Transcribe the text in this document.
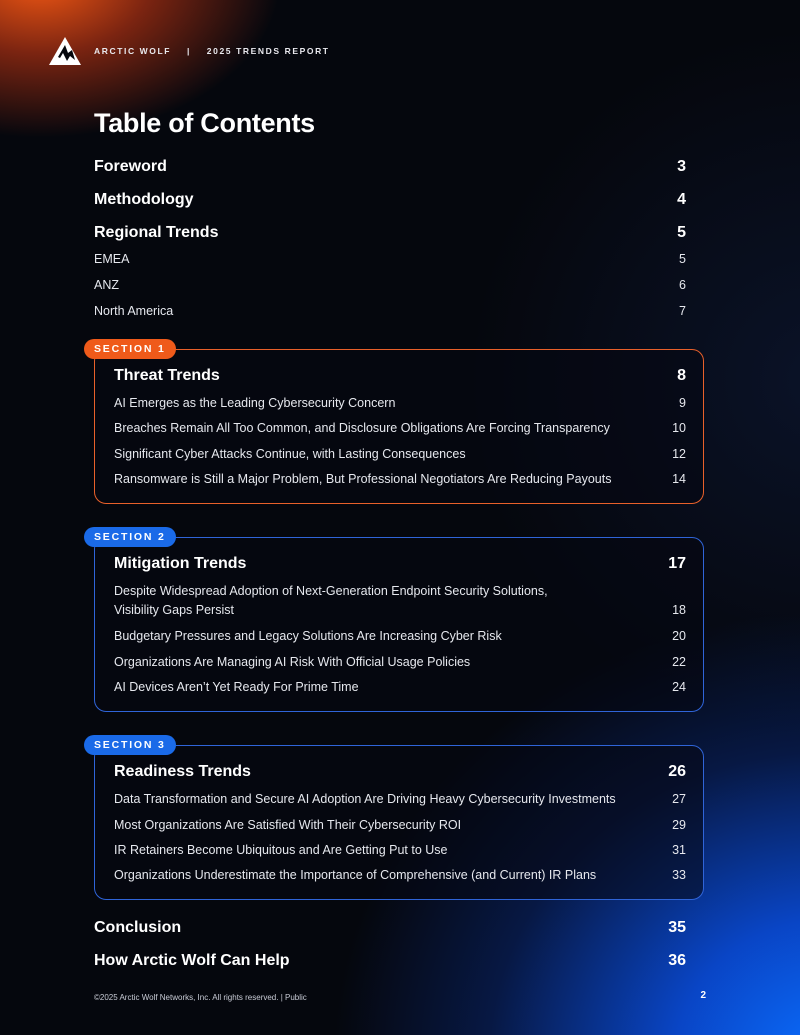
ARCTIC WOLF | 2025 TRENDS REPORT
Table of Contents
Foreword	3
Methodology	4
Regional Trends	5
EMEA	5
ANZ	6
North America	7
SECTION 1
Threat Trends	8
AI Emerges as the Leading Cybersecurity Concern	9
Breaches Remain All Too Common, and Disclosure Obligations Are Forcing Transparency	10
Significant Cyber Attacks Continue, with Lasting Consequences	12
Ransomware is Still a Major Problem, But Professional Negotiators Are Reducing Payouts	14
SECTION 2
Mitigation Trends	17
Despite Widespread Adoption of Next-Generation Endpoint Security Solutions,
Visibility Gaps Persist	18
Budgetary Pressures and Legacy Solutions Are Increasing Cyber Risk	20
Organizations Are Managing AI Risk With Official Usage Policies	22
AI Devices Aren’t Yet Ready For Prime Time	24
SECTION 3
Readiness Trends	26
Data Transformation and Secure AI Adoption Are Driving Heavy Cybersecurity Investments	27
Most Organizations Are Satisfied With Their Cybersecurity ROI	29
IR Retainers Become Ubiquitous and Are Getting Put to Use	31
Organizations Underestimate the Importance of Comprehensive (and Current) IR Plans	33
Conclusion	35
How Arctic Wolf Can Help	36
©2025 Arctic Wolf Networks, Inc. All rights reserved. | Public	2
